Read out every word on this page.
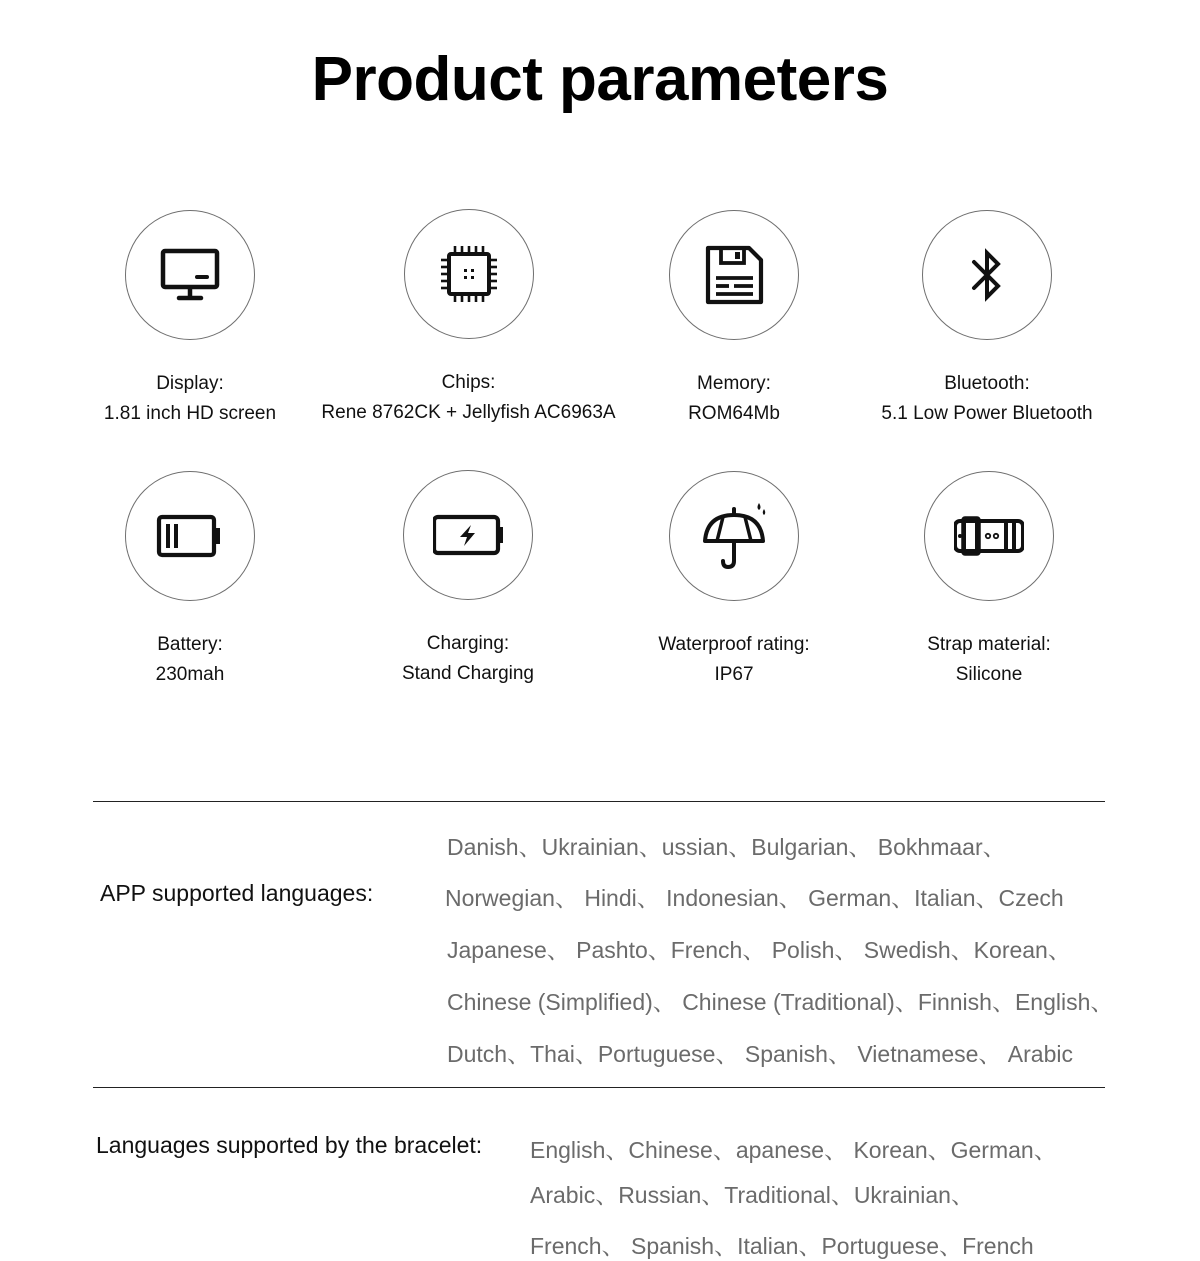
Product parameters
Display:
1.81 inch HD screen
Chips:
Rene 8762CK + Jellyfish AC6963A
Memory:
ROM64Mb
Bluetooth:
5.1 Low Power Bluetooth
Battery:
230mah
Charging:
Stand Charging
Waterproof rating:
IP67
Strap material:
Silicone
APP supported languages:
Danish、Ukrainian、ussian、Bulgarian、 Bokhmaar、
Norwegian、 Hindi、 Indonesian、 German、Italian、Czech
Japanese、 Pashto、French、 Polish、 Swedish、Korean、
Chinese (Simplified)、 Chinese (Traditional)、Finnish、English、
Dutch、Thai、Portuguese、 Spanish、 Vietnamese、 Arabic
Languages supported by the bracelet: English、Chinese、apanese、 Korean、German、
Arabic、Russian、Traditional、Ukrainian、
French、 Spanish、Italian、Portuguese、French
